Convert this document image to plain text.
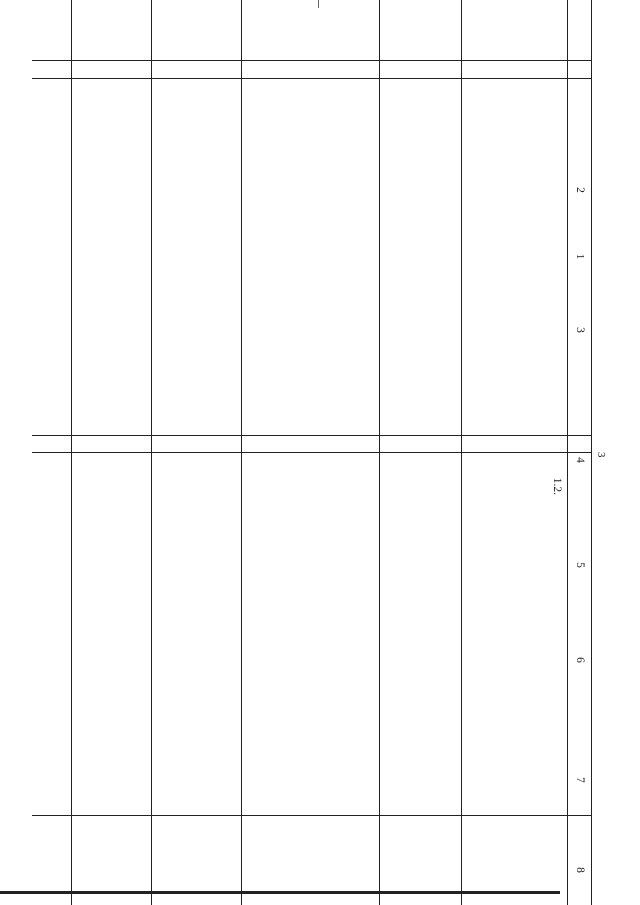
3
1
2
3
4
5
6
7
8
1.2.
